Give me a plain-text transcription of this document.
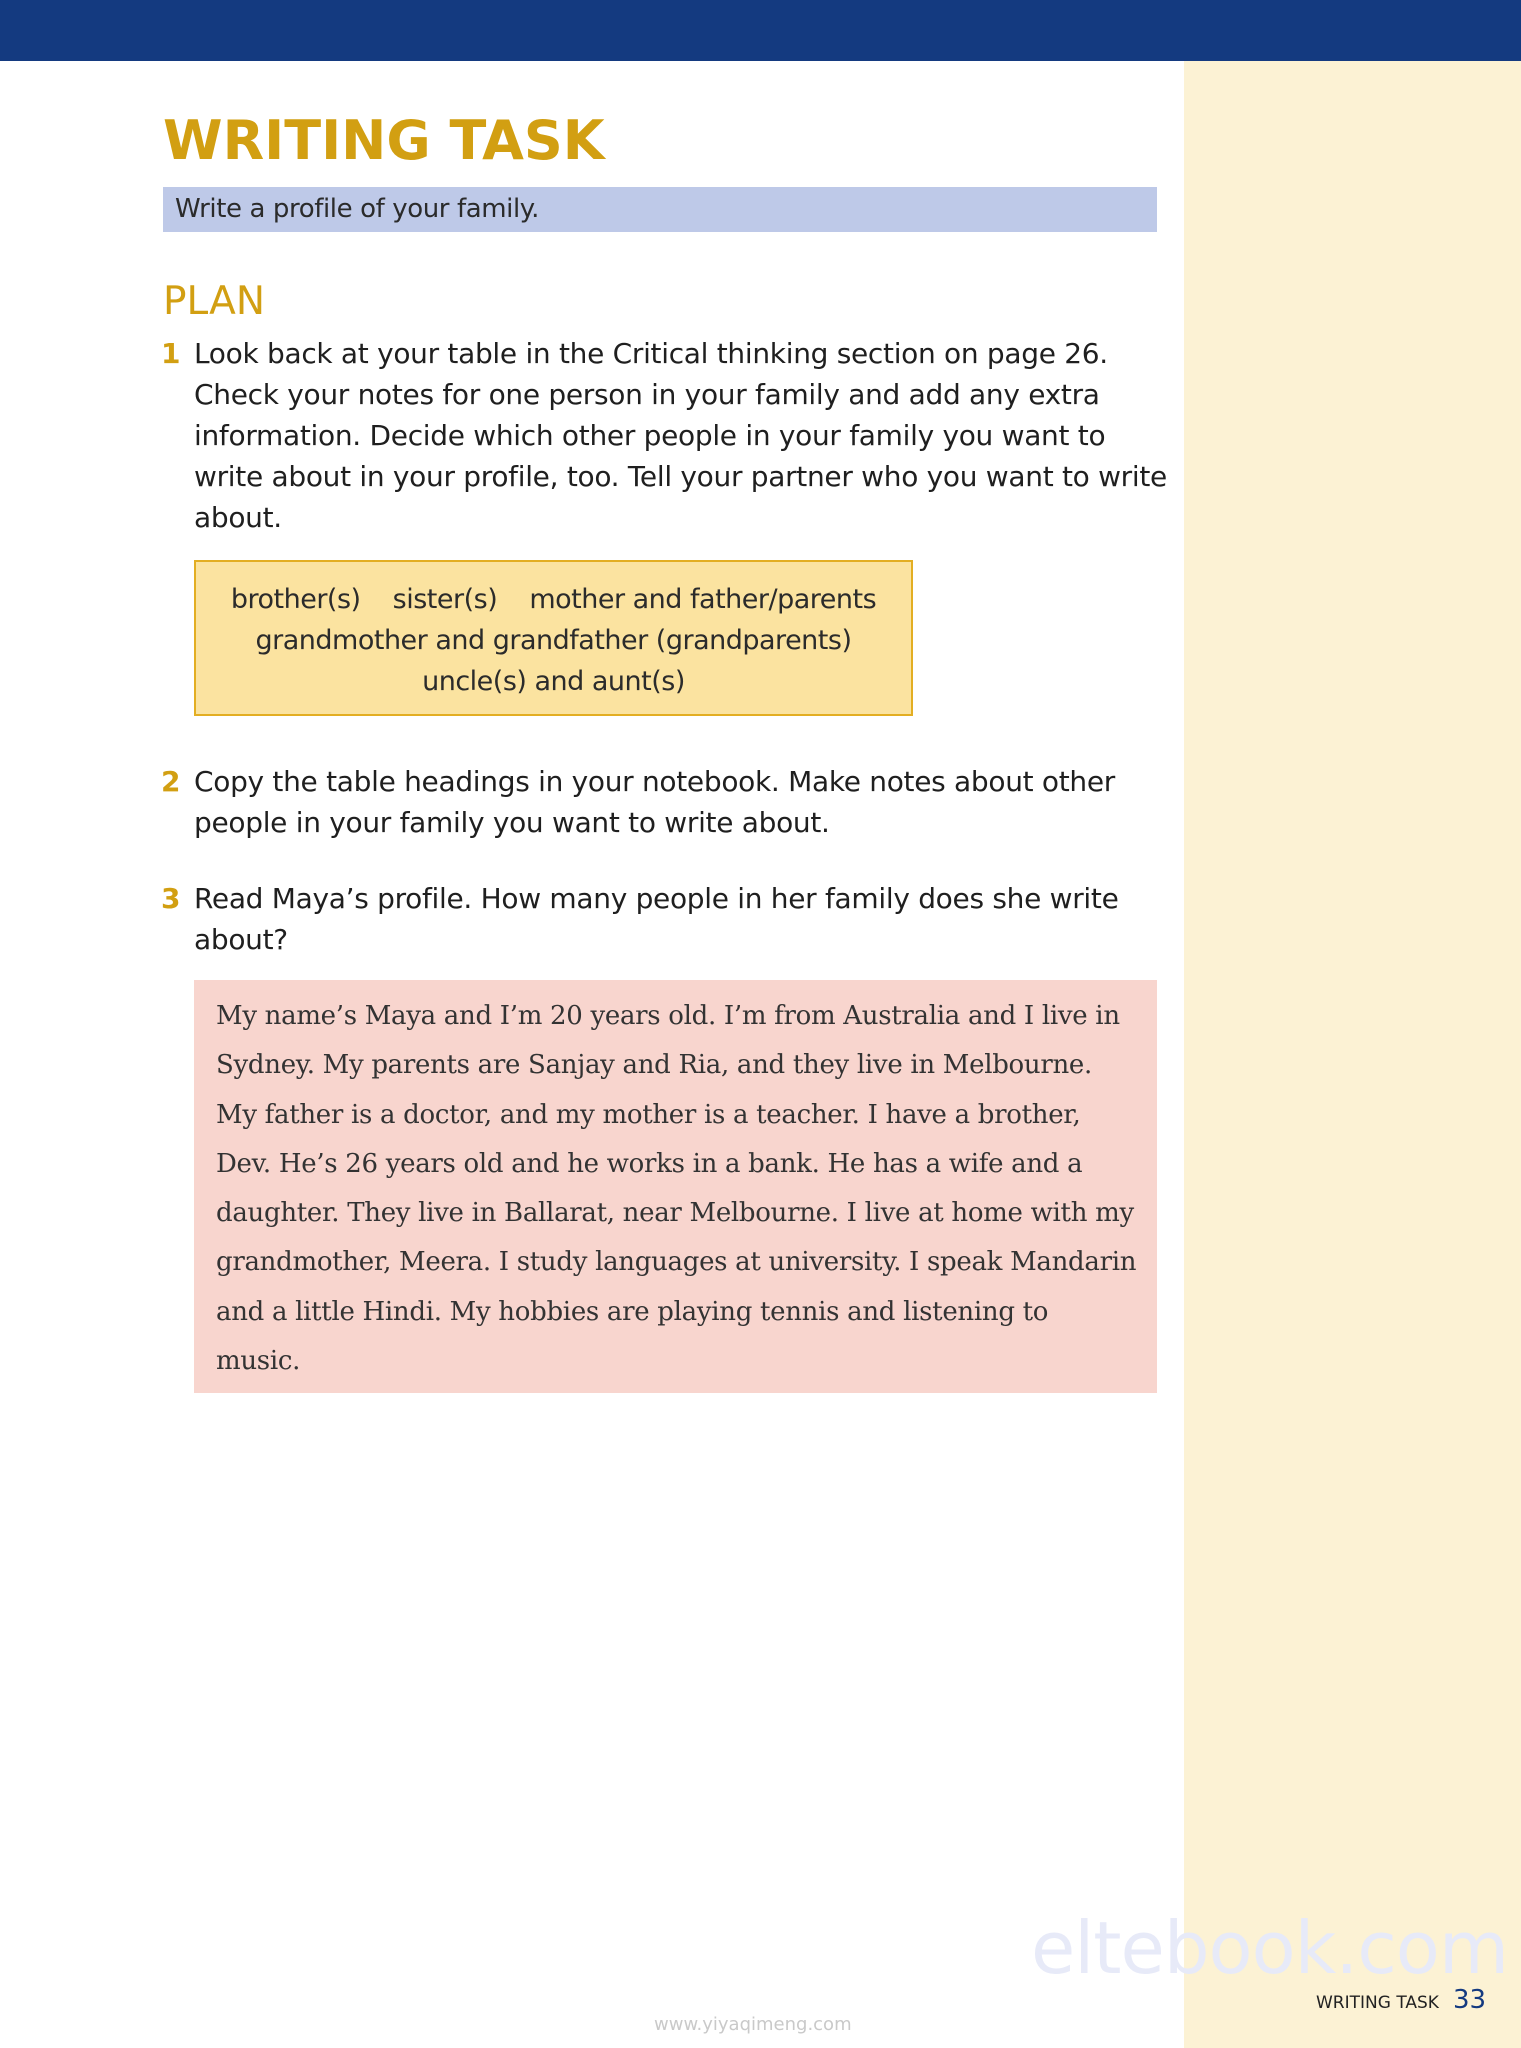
WRITING TASK
Write a profile of your family.
PLAN
1 Look back at your table in the Critical thinking section on page 26. Check your notes for one person in your family and add any extra information. Decide which other people in your family you want to write about in your profile, too. Tell your partner who you want to write about.

brother(s) sister(s) mother and father/parents
grandmother and grandfather (grandparents)
uncle(s) and aunt(s)
2 Copy the table headings in your notebook. Make notes about other people in your family you want to write about.

3 Read Maya’s profile. How many people in her family does she write about?

My name’s Maya and I’m 20 years old. I’m from Australia and I live in Sydney. My parents are Sanjay and Ria, and they live in Melbourne. My father is a doctor, and my mother is a teacher. I have a brother, Dev. He’s 26 years old and he works in a bank. He has a wife and a daughter. They live in Ballarat, near Melbourne. I live at home with my grandmother, Meera. I study languages at university. I speak Mandarin and a little Hindi. My hobbies are playing tennis and listening to music.

eltebook.com
WRITING TASK 33
www.yiyaqimeng.com
